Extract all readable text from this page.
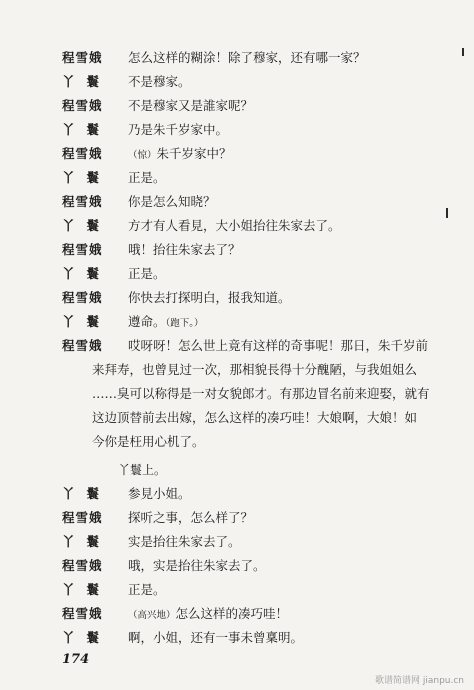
程雪娥	怎么这样的糊涂！除了穆家，还有哪一家？
丫鬟	不是穆家。
程雪娥	不是穆家又是誰家呢？
丫鬟	乃是朱千岁家中。
程雪娥	（惊）朱千岁家中？
丫鬟	正是。
程雪娥	你是怎么知晓？
丫鬟	方才有人看見，大小姐抬往朱家去了。
程雪娥	哦！抬往朱家去了？
丫鬟	正是。
程雪娥	你快去打探明白，报我知道。
丫鬟	遵命。（跑下。）
程雪娥	哎呀呀！怎么世上竟有这样的奇事呢！那日，朱千岁前
来拜寿，也曾見过一次，那相貌長得十分醜陋，与我姐姐么
……臭可以称得是一对女貌郎才。有那边冒名前来迎娶，就有
这边顶替前去出嫁，怎么这样的凑巧哇！大娘啊，大娘！如
今你是枉用心机了。
丫鬟上。
丫鬟	参見小姐。
程雪娥	探听之事，怎么样了？
丫鬟	实是抬往朱家去了。
程雪娥	哦，实是抬往朱家去了。
丫鬟	正是。
程雪娥	（高兴地）怎么这样的凑巧哇！
丫鬟	啊，小姐，还有一事未曾稟明。
174
歌谱简谱网 jianpu.cn
